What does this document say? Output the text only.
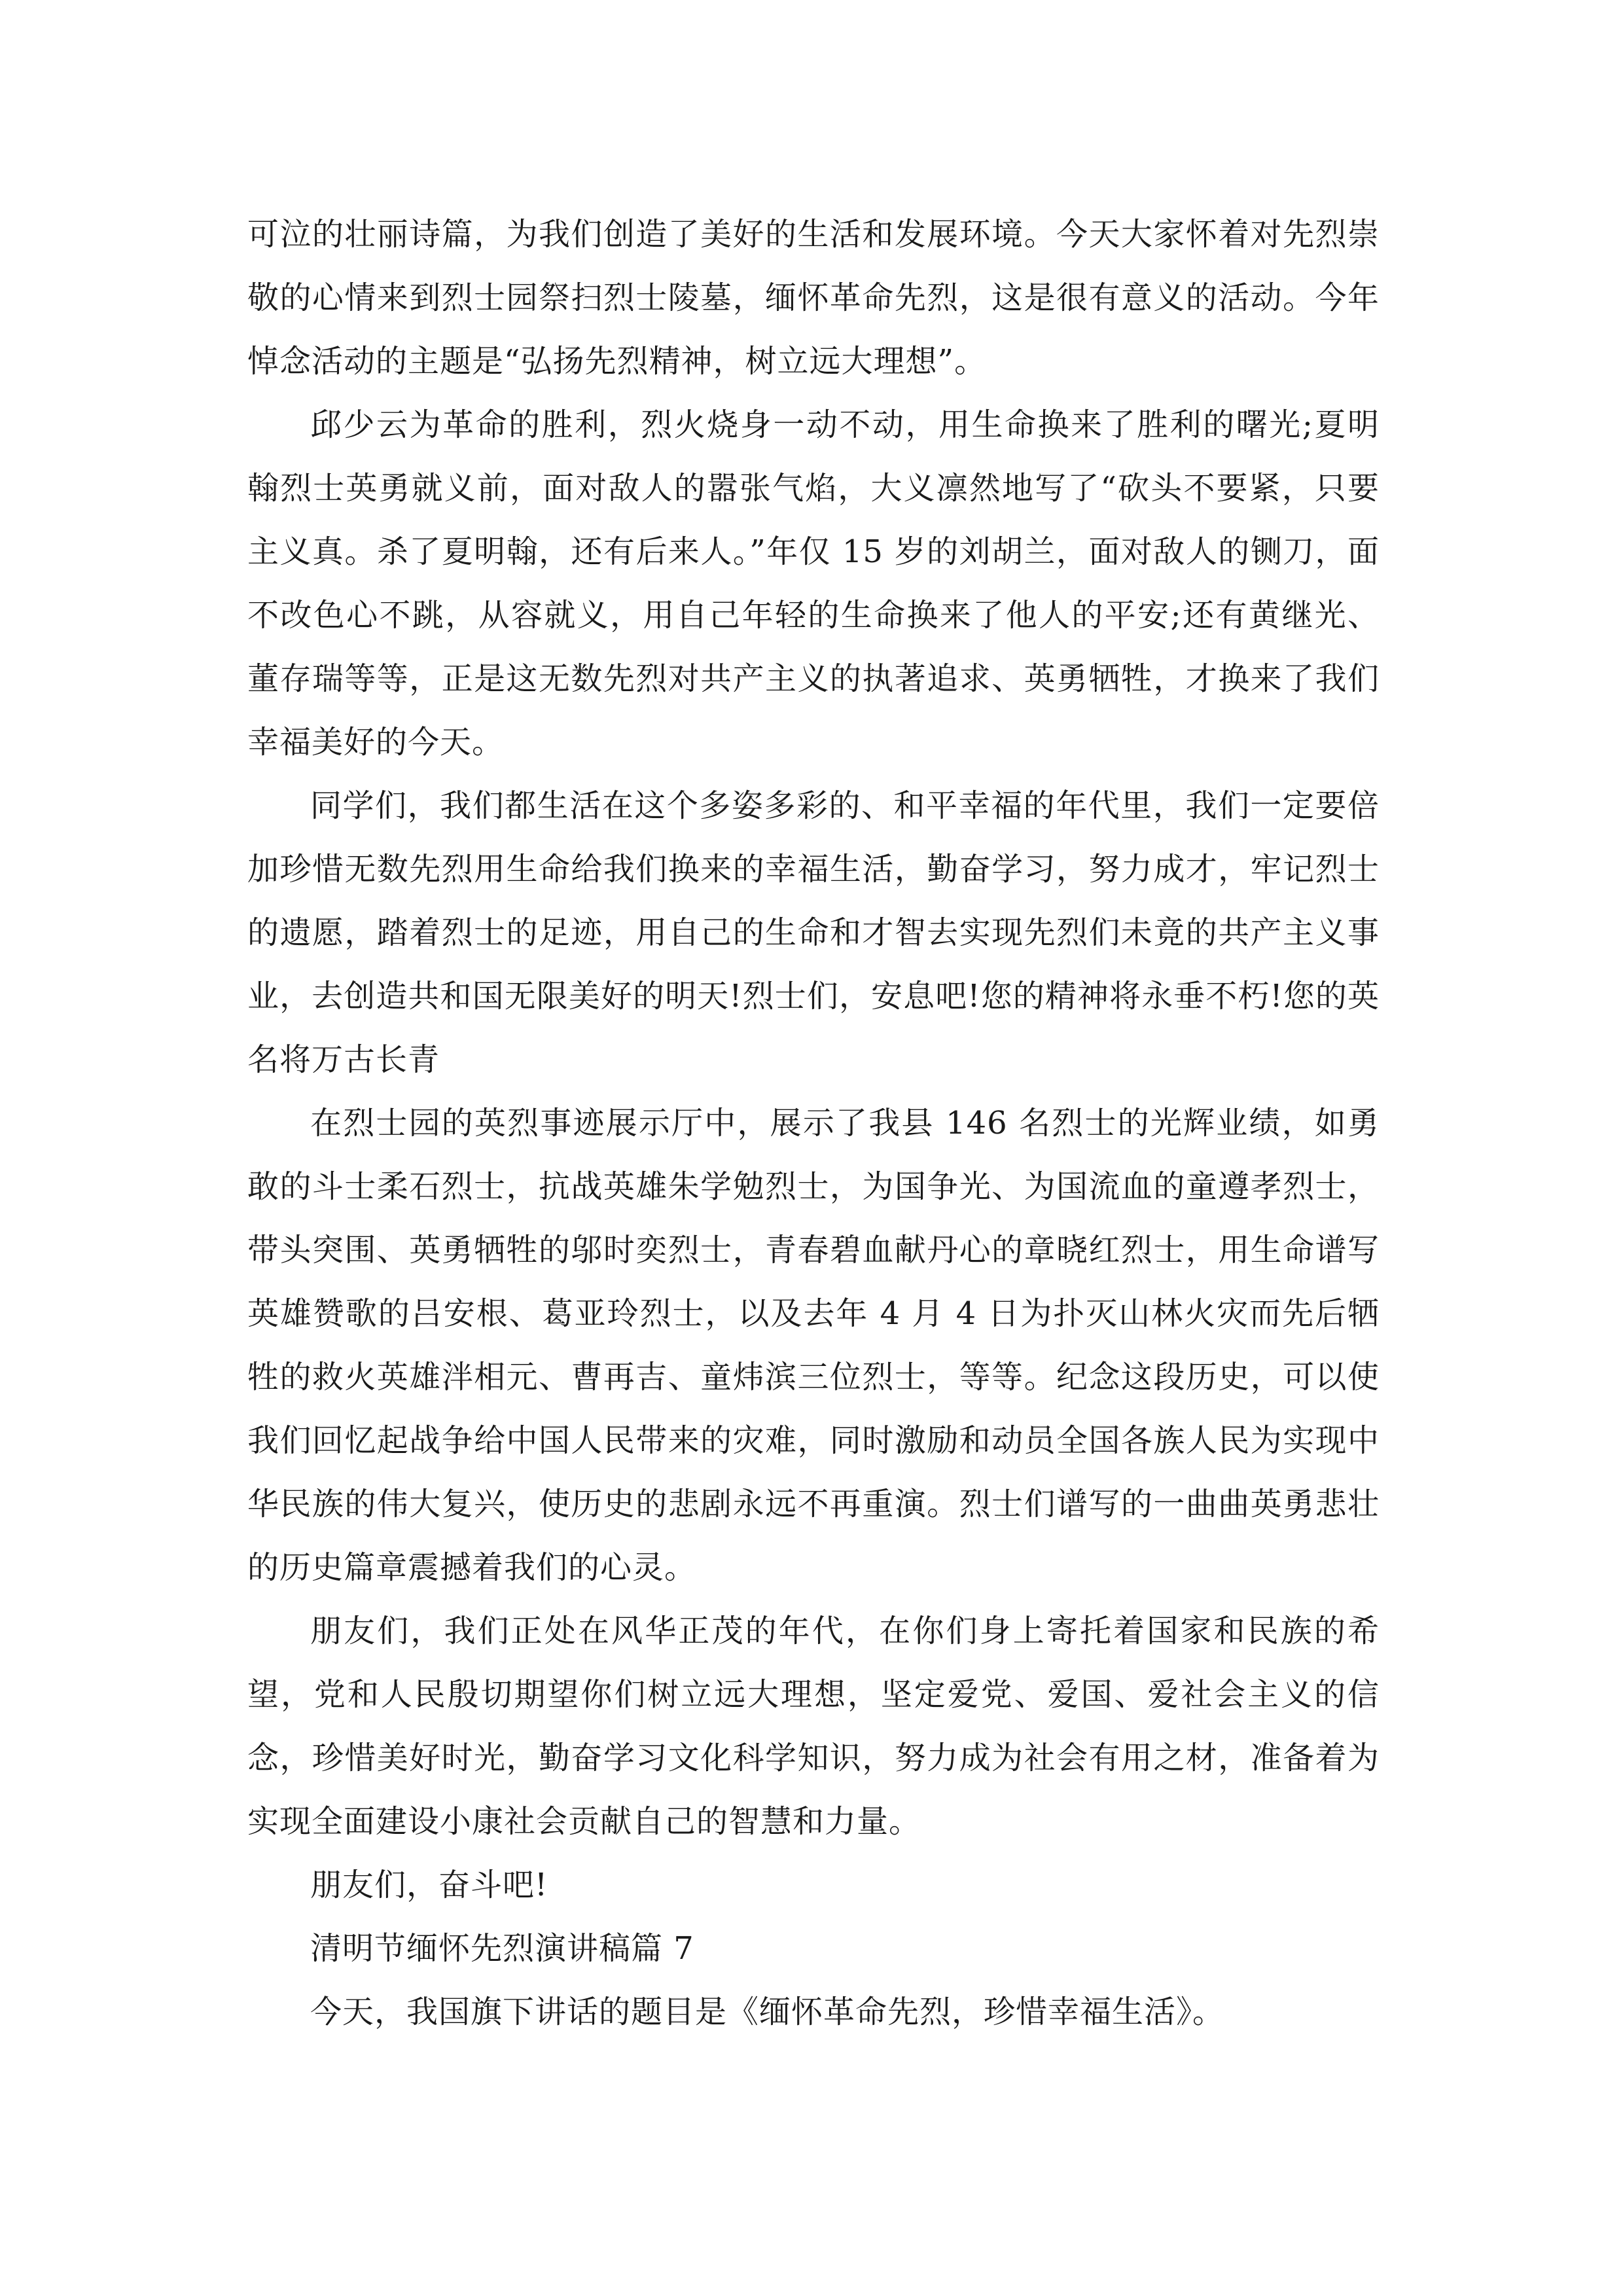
可泣的壮丽诗篇，为我们创造了美好的生活和发展环境。今天大家怀着对先烈崇敬的心情来到烈士园祭扫烈士陵墓，缅怀革命先烈，这是很有意义的活动。今年悼念活动的主题是“弘扬先烈精神，树立远大理想”。

邱少云为革命的胜利，烈火烧身一动不动，用生命换来了胜利的曙光;夏明翰烈士英勇就义前，面对敌人的嚣张气焰，大义凛然地写了“砍头不要紧，只要主义真。杀了夏明翰，还有后来人。”年仅 15 岁的刘胡兰，面对敌人的铡刀，面不改色心不跳，从容就义，用自己年轻的生命换来了他人的平安;还有黄继光、董存瑞等等，正是这无数先烈对共产主义的执著追求、英勇牺牲，才换来了我们幸福美好的今天。

同学们，我们都生活在这个多姿多彩的、和平幸福的年代里，我们一定要倍加珍惜无数先烈用生命给我们换来的幸福生活，勤奋学习，努力成才，牢记烈士的遗愿，踏着烈士的足迹，用自己的生命和才智去实现先烈们未竟的共产主义事业，去创造共和国无限美好的明天!烈士们，安息吧!您的精神将永垂不朽!您的英名将万古长青

在烈士园的英烈事迹展示厅中，展示了我县 146 名烈士的光辉业绩，如勇敢的斗士柔石烈士，抗战英雄朱学勉烈士，为国争光、为国流血的童遵孝烈士，带头突围、英勇牺牲的邬时奕烈士，青春碧血献丹心的章晓红烈士，用生命谱写英雄赞歌的吕安根、葛亚玲烈士，以及去年 4 月 4 日为扑灭山林火灾而先后牺牲的救火英雄泮相元、曹再吉、童炜滨三位烈士，等等。纪念这段历史，可以使我们回忆起战争给中国人民带来的灾难，同时激励和动员全国各族人民为实现中华民族的伟大复兴，使历史的悲剧永远不再重演。烈士们谱写的一曲曲英勇悲壮的历史篇章震撼着我们的心灵。

朋友们，我们正处在风华正茂的年代，在你们身上寄托着国家和民族的希望，党和人民殷切期望你们树立远大理想，坚定爱党、爱国、爱社会主义的信念，珍惜美好时光，勤奋学习文化科学知识，努力成为社会有用之材，准备着为实现全面建设小康社会贡献自己的智慧和力量。

朋友们，奋斗吧!

清明节缅怀先烈演讲稿篇 7

今天，我国旗下讲话的题目是《缅怀革命先烈，珍惜幸福生活》。
